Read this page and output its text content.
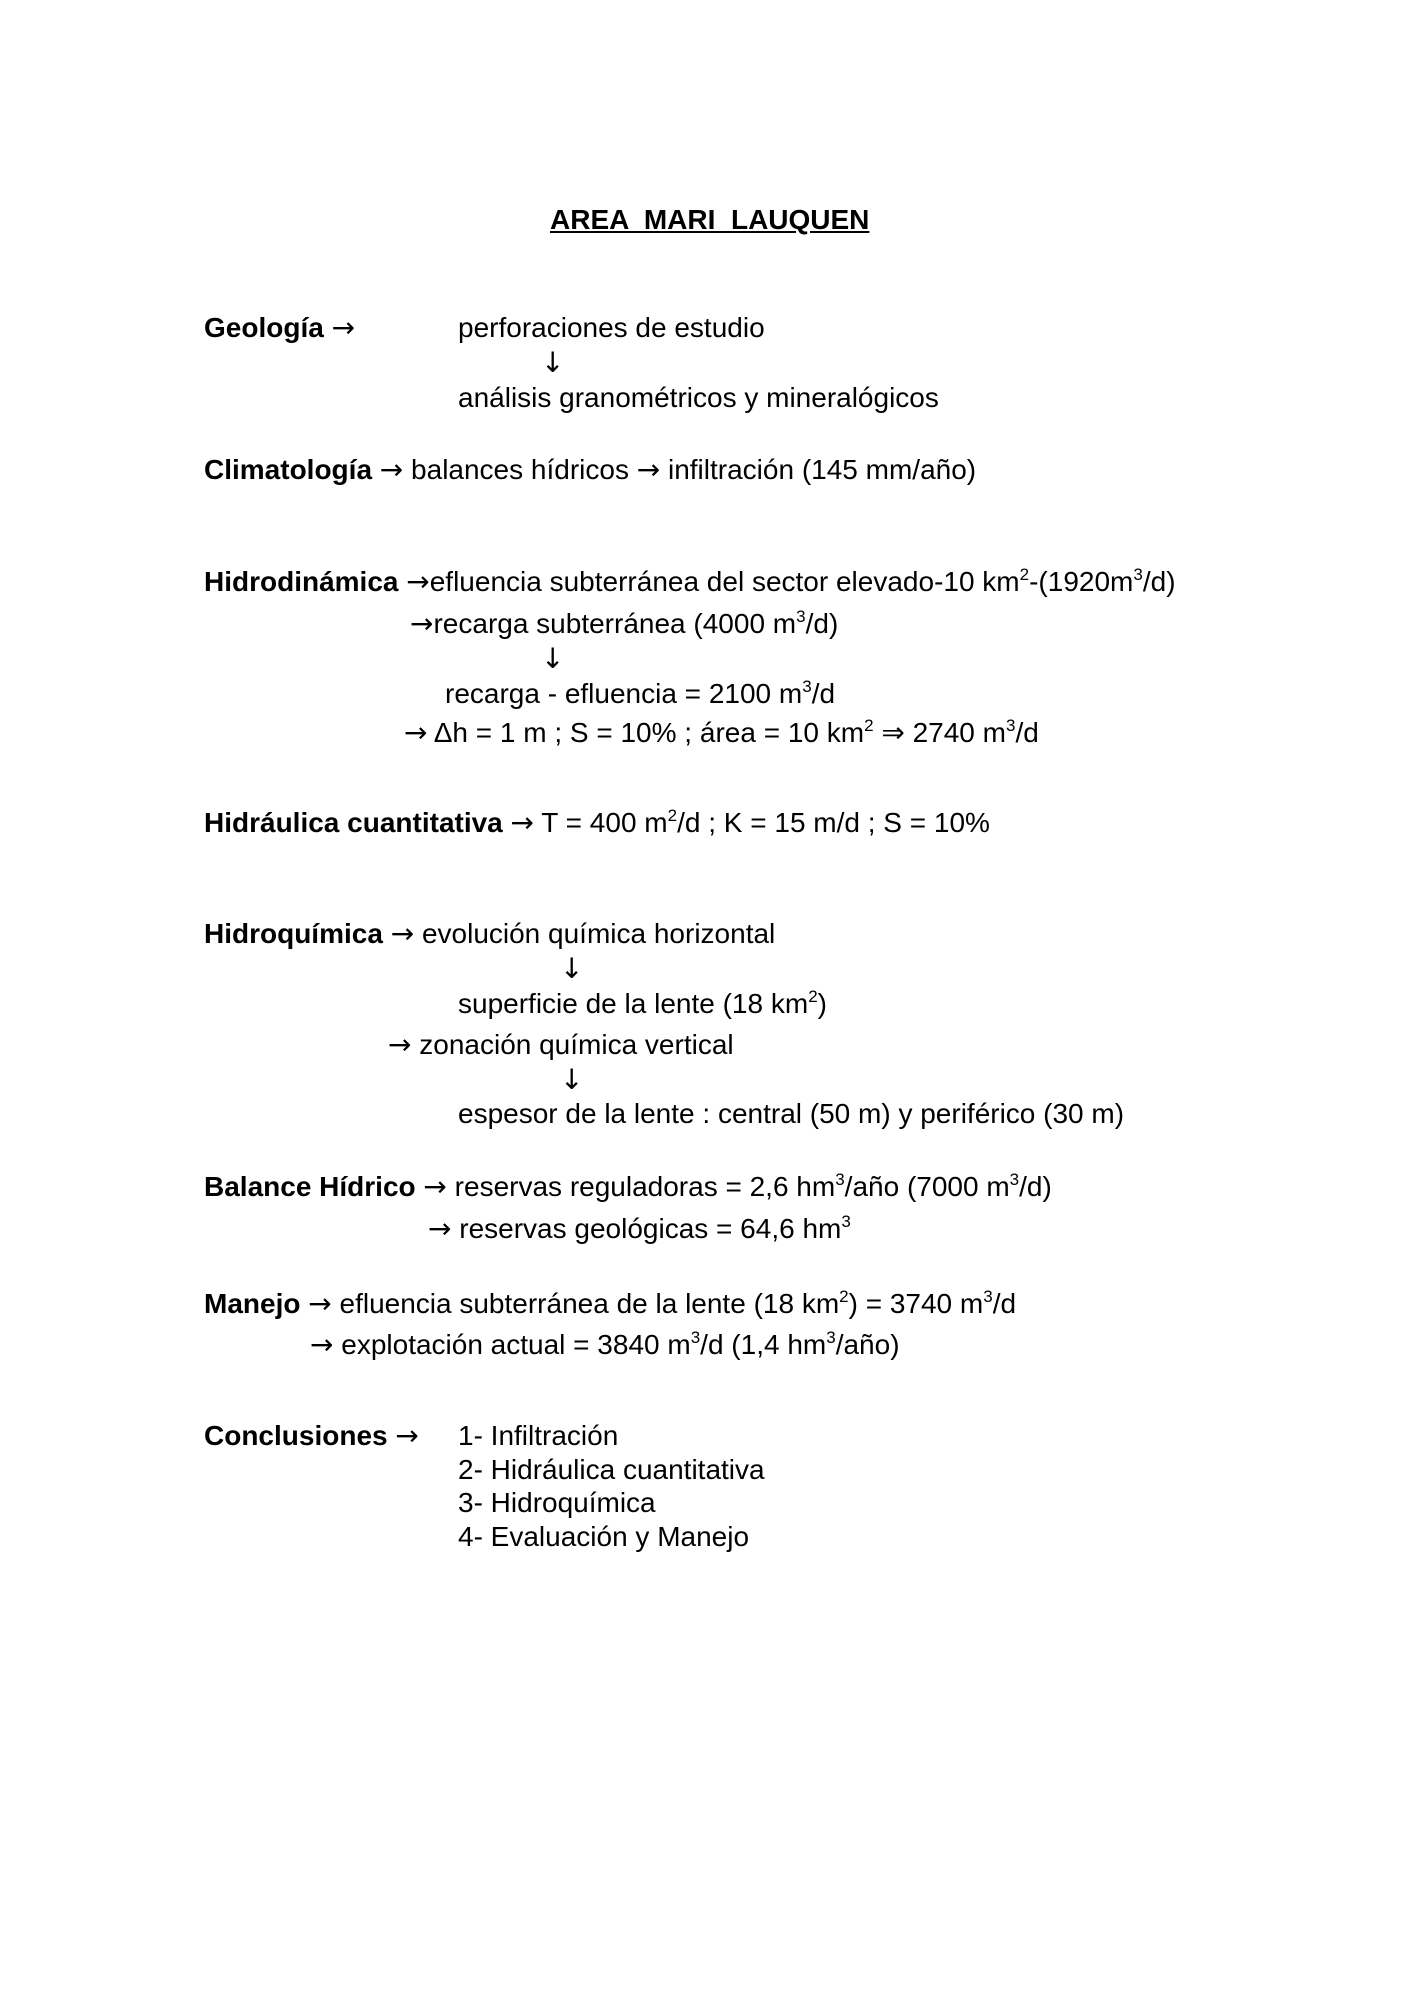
AREA  MARI  LAUQUEN
Geología →	perforaciones de estudio
↓
análisis granométricos y mineralógicos
Climatología → balances hídricos → infiltración (145 mm/año)
Hidrodinámica →efluencia subterránea del sector elevado-10 $km^2-(1920m^3/d)$
→recarga subterránea (4000 $m^3/d$)
↓
recarga - efluencia = 2100 $m^3/d$
→ Δh = 1 m ; S = 10% ; área = 10 $km^2$ ⇒ 2740 $m^3/d$
Hidráulica cuantitativa → T = 400 $m^2/d$ ; K = 15 m/d ; S = 10%
Hidroquímica → evolución química horizontal
↓
superficie de la lente (18 $km^2$)
→ zonación química vertical
↓
espesor de la lente : central (50 m) y periférico (30 m)
Balance Hídrico → reservas reguladoras = 2,6 $hm^3$/año (7000 $m^3/d$)
→ reservas geológicas = 64,6 $hm^3$
Manejo → efluencia subterránea de la lente (18 $km^2) = 3740$ $m^3/d$
→ explotación actual = 3840 $m^3/d$ (1,4 $hm^3/año$)
Conclusiones → 1- Infiltración
2- Hidráulica cuantitativa
3- Hidroquímica
4- Evaluación y Manejo
